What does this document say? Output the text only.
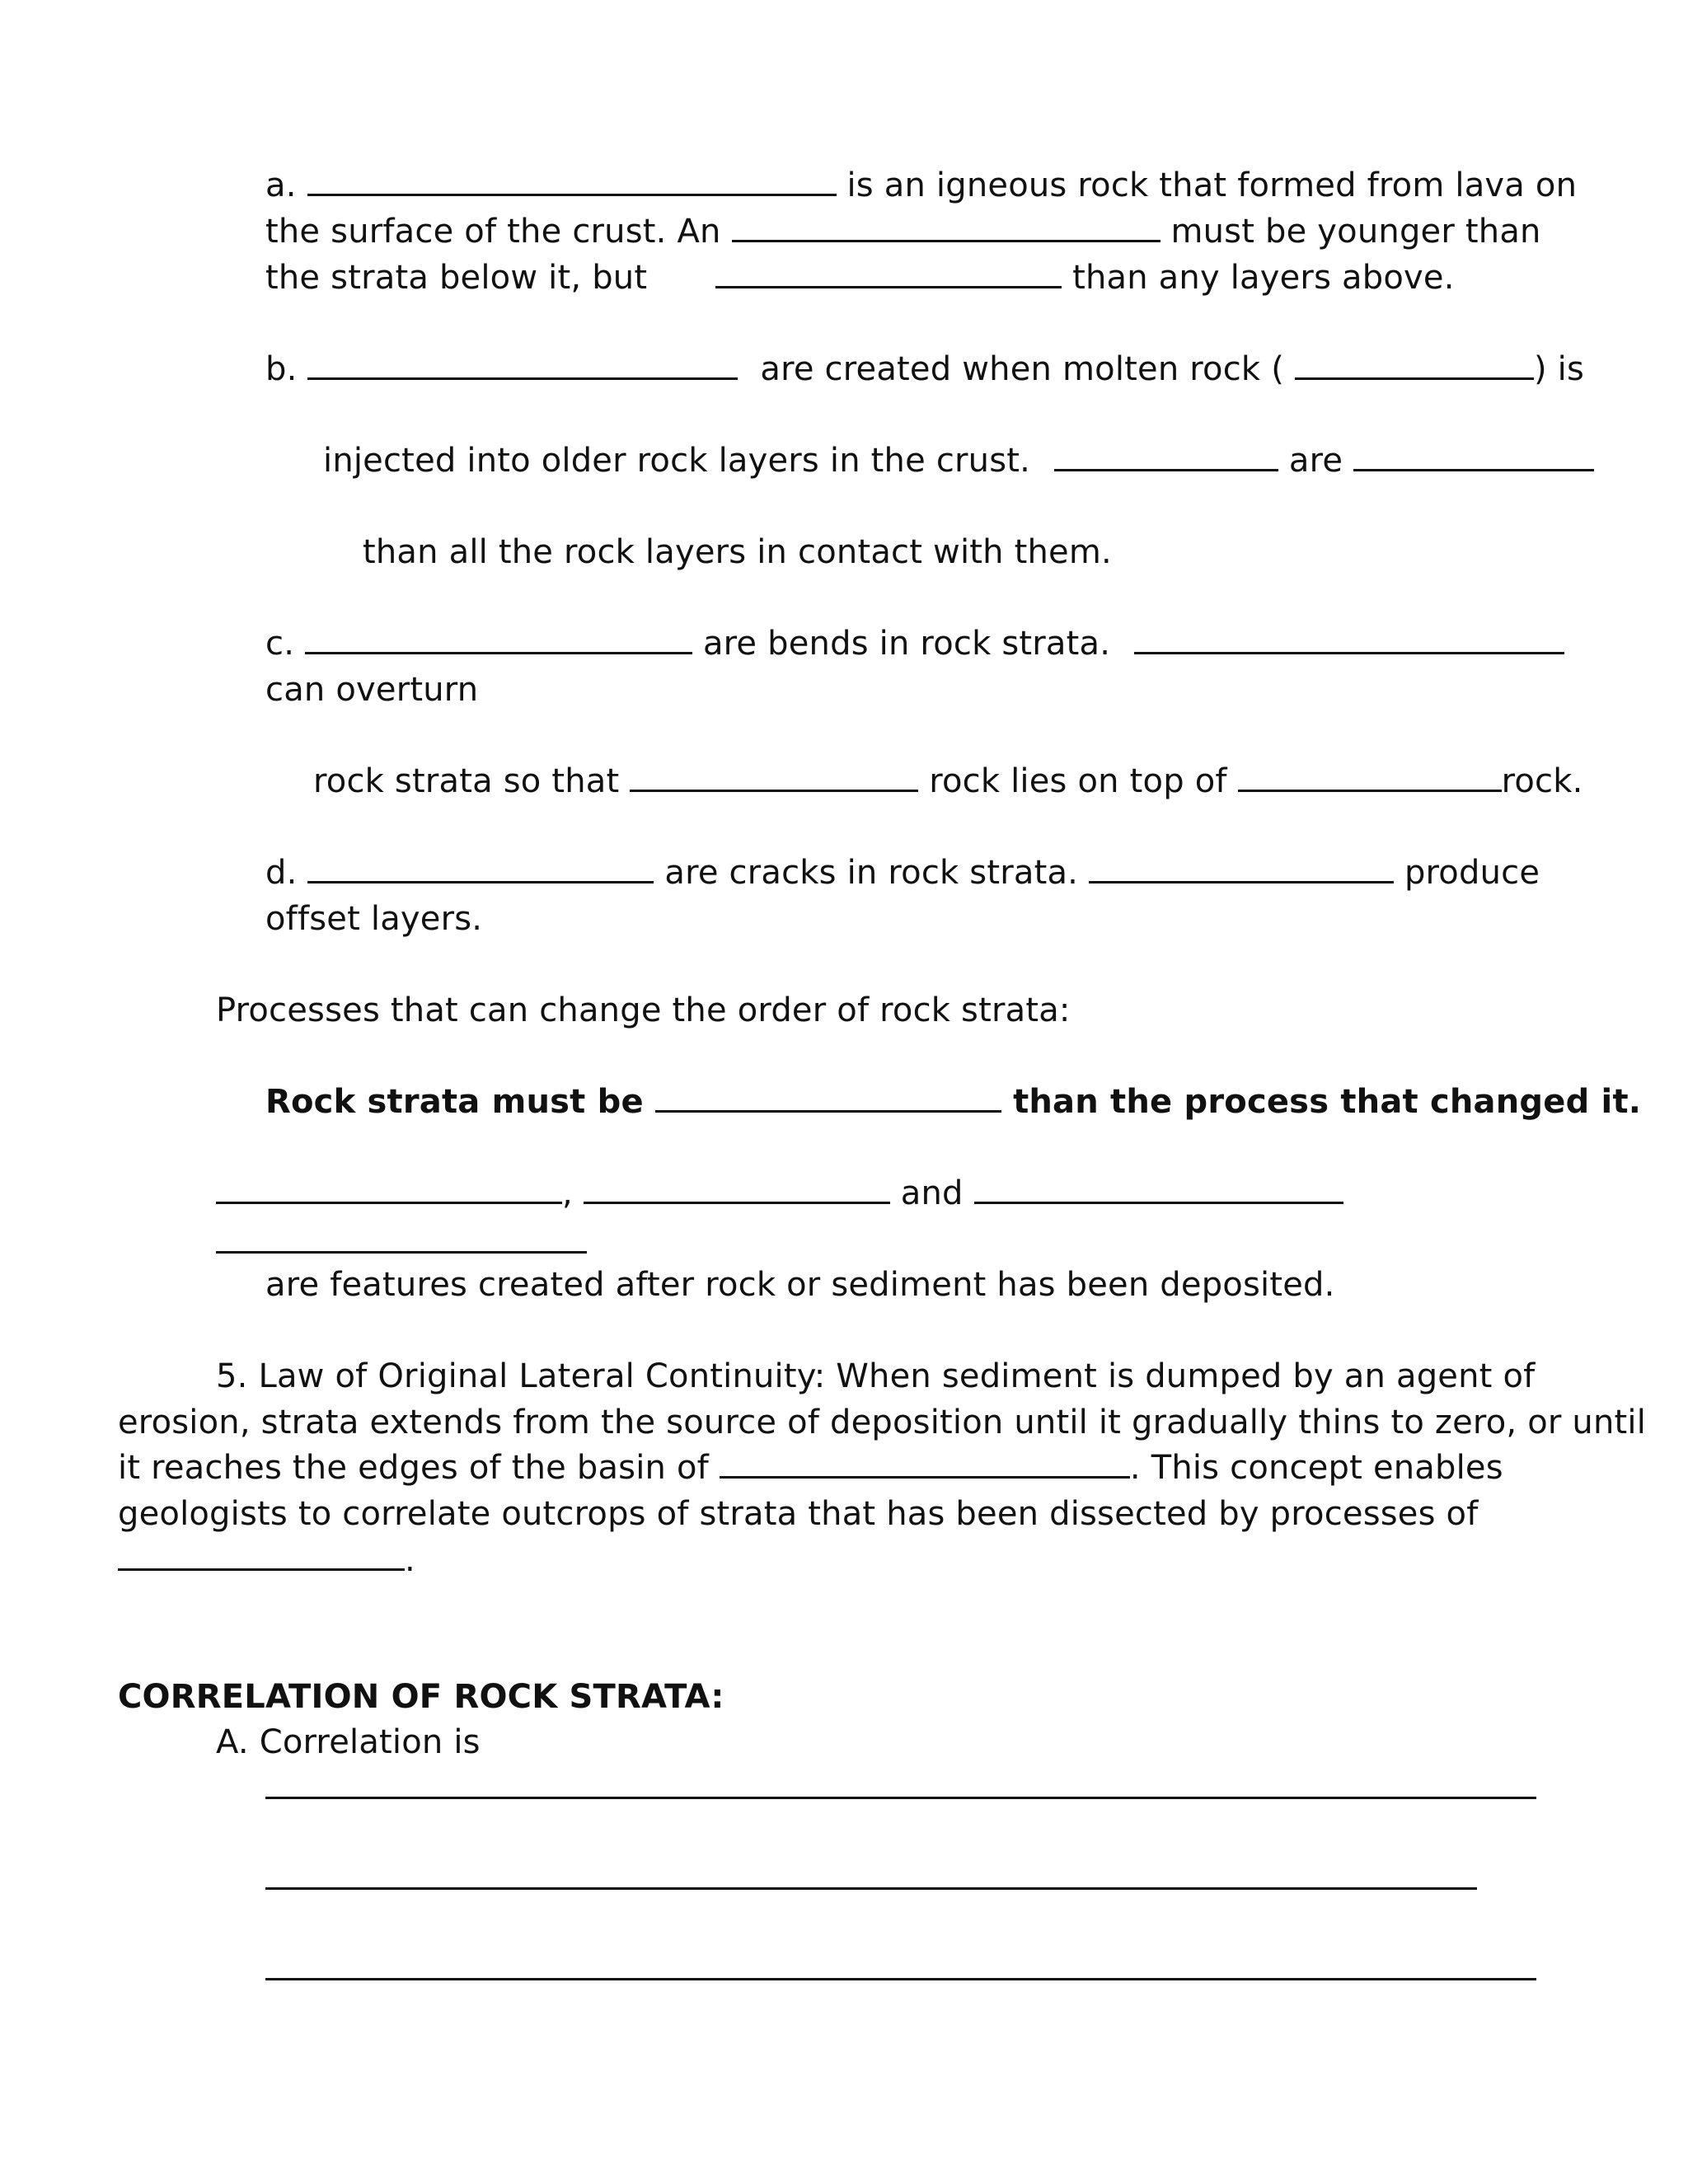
a.	is an igneous rock that formed from lava on
the surface of the crust. An	must be younger than
the strata below it, but	than any layers above.
b.	are created when molten rock (	) is
injected into older rock layers in the crust.	are
than all the rock layers in contact with them.
c.	are bends in rock strata.
can overturn
rock strata so that	rock lies on top of	rock.
d.	are cracks in rock strata.	produce
offset layers.
Processes that can change the order of rock strata:
Rock strata must be	than the process that changed it.
,	and
are features created after rock or sediment has been deposited.
5. Law of Original Lateral Continuity: When sediment is dumped by an agent of
erosion, strata extends from the source of deposition until it gradually thins to zero, or until
it reaches the edges of the basin of	. This concept enables
geologists to correlate outcrops of strata that has been dissected by processes of
.
CORRELATION OF ROCK STRATA:
A. Correlation is
